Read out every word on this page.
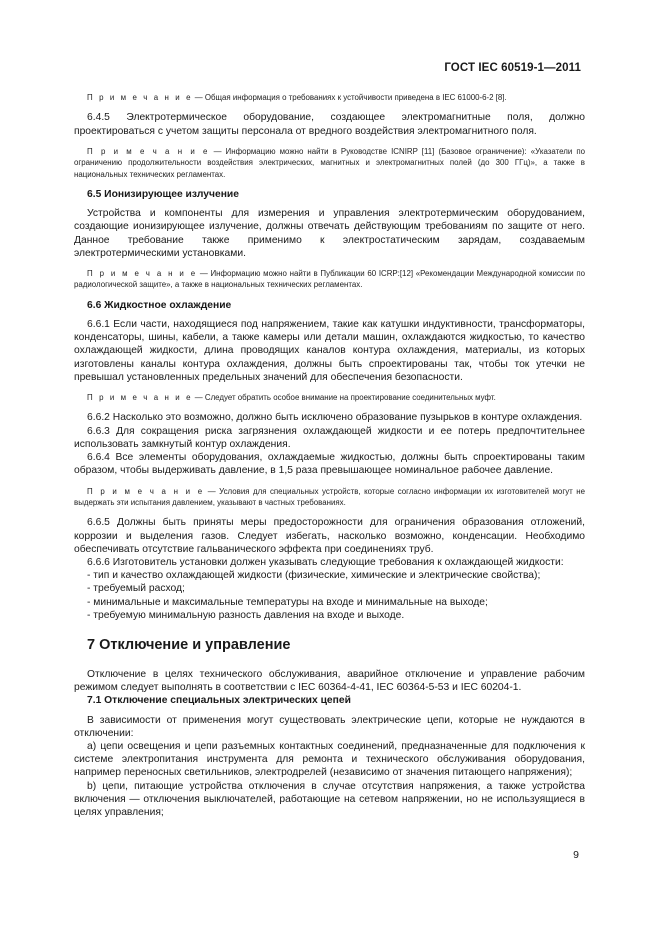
ГОСТ IEC 60519-1—2011

П р и м е ч а н и е — Общая информация о требованиях к устойчивости приведена в IEC 61000-6-2 [8].

6.4.5 Электротермическое оборудование, создающее электромагнитные поля, должно проектироваться с учетом защиты персонала от вредного воздействия электромагнитного поля.

П р и м е ч а н и е — Информацию можно найти в Руководстве ICNIRP [11] (Базовое ограничение): «Указатели по ограничению продолжительности воздействия электрических, магнитных и электромагнитных полей (до 300 ГГц)», а также в национальных технических регламентах.

6.5 Ионизирующее излучение

Устройства и компоненты для измерения и управления электротермическим оборудованием, создающие ионизирующее излучение, должны отвечать действующим требованиям по защите от него. Данное требование также применимо к электростатическим зарядам, создаваемым электротермическими установками.

П р и м е ч а н и е — Информацию можно найти в Публикации 60 ICRP:[12] «Рекомендации Международной комиссии по радиологической защите», а также в национальных технических регламентах.

6.6 Жидкостное охлаждение

6.6.1 Если части, находящиеся под напряжением, такие как катушки индуктивности, трансформаторы, конденсаторы, шины, кабели, а также камеры или детали машин, охлаждаются жидкостью, то качество охлаждающей жидкости, длина проводящих каналов контура охлаждения, материалы, из которых изготовлены каналы контура охлаждения, должны быть спроектированы так, чтобы ток утечки не превышал установленных предельных значений для обеспечения безопасности.

П р и м е ч а н и е — Следует обратить особое внимание на проектирование соединительных муфт.

6.6.2 Насколько это возможно, должно быть исключено образование пузырьков в контуре охлаждения.

6.6.3 Для сокращения риска загрязнения охлаждающей жидкости и ее потерь предпочтительнее использовать замкнутый контур охлаждения.

6.6.4 Все элементы оборудования, охлаждаемые жидкостью, должны быть спроектированы таким образом, чтобы выдерживать давление, в 1,5 раза превышающее номинальное рабочее давление.

П р и м е ч а н и е — Условия для специальных устройств, которые согласно информации их изготовителей могут не выдержать эти испытания давлением, указывают в частных требованиях.

6.6.5 Должны быть приняты меры предосторожности для ограничения образования отложений, коррозии и выделения газов. Следует избегать, насколько возможно, конденсации. Необходимо обеспечивать отсутствие гальванического эффекта при соединениях труб.

6.6.6 Изготовитель установки должен указывать следующие требования к охлаждающей жидкости:

- тип и качество охлаждающей жидкости (физические, химические и электрические свойства);
- требуемый расход;
- минимальные и максимальные температуры на входе и минимальные на выходе;
- требуемую минимальную разность давления на входе и выходе.

7 Отключение и управление

Отключение в целях технического обслуживания, аварийное отключение и управление рабочим режимом следует выполнять в соответствии с IEC 60364-4-41, IEC 60364-5-53 и IEC 60204-1.

7.1 Отключение специальных электрических цепей

В зависимости от применения могут существовать электрические цепи, которые не нуждаются в отключении:

a) цепи освещения и цепи разъемных контактных соединений, предназначенные для подключения к системе электропитания инструмента для ремонта и технического обслуживания оборудования, например переносных светильников, электродрелей (независимо от значения питающего напряжения);

b) цепи, питающие устройства отключения в случае отсутствия напряжения, а также устройства включения — отключения выключателей, работающие на сетевом напряжении, но не используящиеся в целях управления;

9
